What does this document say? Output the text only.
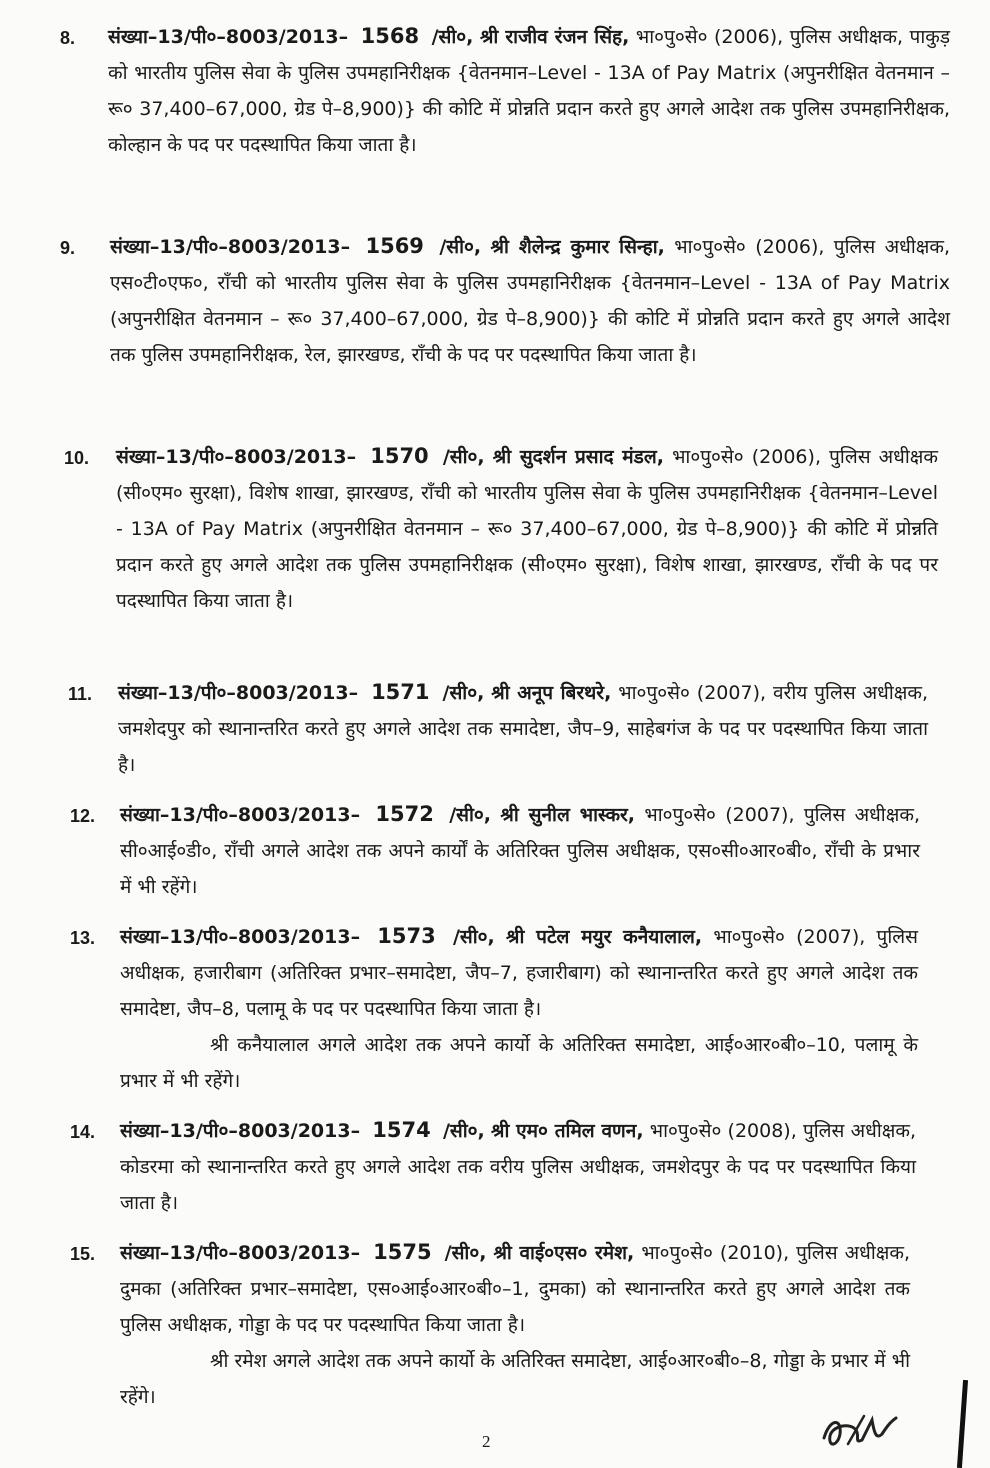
8. संख्या–13/पी०–8003/2013– 1568 /सी०, श्री राजीव रंजन सिंह, भा०पु०से० (2006), पुलिस अधीक्षक, पाकुड़ को भारतीय पुलिस सेवा के पुलिस उपमहानिरीक्षक {वेतनमान–Level - 13A of Pay Matrix (अपुनरीक्षित वेतनमान – रू० 37,400–67,000, ग्रेड पे–8,900)} की कोटि में प्रोन्नति प्रदान करते हुए अगले आदेश तक पुलिस उपमहानिरीक्षक, कोल्हान के पद पर पदस्थापित किया जाता है।
9. संख्या–13/पी०–8003/2013– 1569 /सी०, श्री शैलेन्द्र कुमार सिन्हा, भा०पु०से० (2006), पुलिस अधीक्षक, एस०टी०एफ०, राँची को भारतीय पुलिस सेवा के पुलिस उपमहानिरीक्षक {वेतनमान–Level - 13A of Pay Matrix (अपुनरीक्षित वेतनमान – रू० 37,400–67,000, ग्रेड पे–8,900)} की कोटि में प्रोन्नति प्रदान करते हुए अगले आदेश तक पुलिस उपमहानिरीक्षक, रेल, झारखण्ड, राँची के पद पर पदस्थापित किया जाता है।
10. संख्या–13/पी०–8003/2013– 1570 /सी०, श्री सुदर्शन प्रसाद मंडल, भा०पु०से० (2006), पुलिस अधीक्षक (सी०एम० सुरक्षा), विशेष शाखा, झारखण्ड, राँची को भारतीय पुलिस सेवा के पुलिस उपमहानिरीक्षक {वेतनमान–Level - 13A of Pay Matrix (अपुनरीक्षित वेतनमान – रू० 37,400–67,000, ग्रेड पे–8,900)} की कोटि में प्रोन्नति प्रदान करते हुए अगले आदेश तक पुलिस उपमहानिरीक्षक (सी०एम० सुरक्षा), विशेष शाखा, झारखण्ड, राँची के पद पर पदस्थापित किया जाता है।
11. संख्या–13/पी०–8003/2013– 1571 /सी०, श्री अनूप बिरथरे, भा०पु०से० (2007), वरीय पुलिस अधीक्षक, जमशेदपुर को स्थानान्तरित करते हुए अगले आदेश तक समादेष्टा, जैप–9, साहेबगंज के पद पर पदस्थापित किया जाता है।
12. संख्या–13/पी०–8003/2013– 1572 /सी०, श्री सुनील भास्कर, भा०पु०से० (2007), पुलिस अधीक्षक, सी०आई०डी०, राँची अगले आदेश तक अपने कार्यों के अतिरिक्त पुलिस अधीक्षक, एस०सी०आर०बी०, राँची के प्रभार में भी रहेंगे।
13. संख्या–13/पी०–8003/2013– 1573 /सी०, श्री पटेल मयुर कनैयालाल, भा०पु०से० (2007), पुलिस अधीक्षक, हजारीबाग (अतिरिक्त प्रभार–समादेष्टा, जैप–7, हजारीबाग) को स्थानान्तरित करते हुए अगले आदेश तक समादेष्टा, जैप–8, पलामू के पद पर पदस्थापित किया जाता है।
श्री कनैयालाल अगले आदेश तक अपने कार्यो के अतिरिक्त समादेष्टा, आई०आर०बी०–10, पलामू के प्रभार में भी रहेंगे।
14. संख्या–13/पी०–8003/2013– 1574 /सी०, श्री एम० तमिल वणन, भा०पु०से० (2008), पुलिस अधीक्षक, कोडरमा को स्थानान्तरित करते हुए अगले आदेश तक वरीय पुलिस अधीक्षक, जमशेदपुर के पद पर पदस्थापित किया जाता है।
15. संख्या–13/पी०–8003/2013– 1575 /सी०, श्री वाई०एस० रमेश, भा०पु०से० (2010), पुलिस अधीक्षक, दुमका (अतिरिक्त प्रभार–समादेष्टा, एस०आई०आर०बी०–1, दुमका) को स्थानान्तरित करते हुए अगले आदेश तक पुलिस अधीक्षक, गोड्डा के पद पर पदस्थापित किया जाता है।
श्री रमेश अगले आदेश तक अपने कार्यो के अतिरिक्त समादेष्टा, आई०आर०बी०–8, गोड्डा के प्रभार में भी रहेंगे।
2
